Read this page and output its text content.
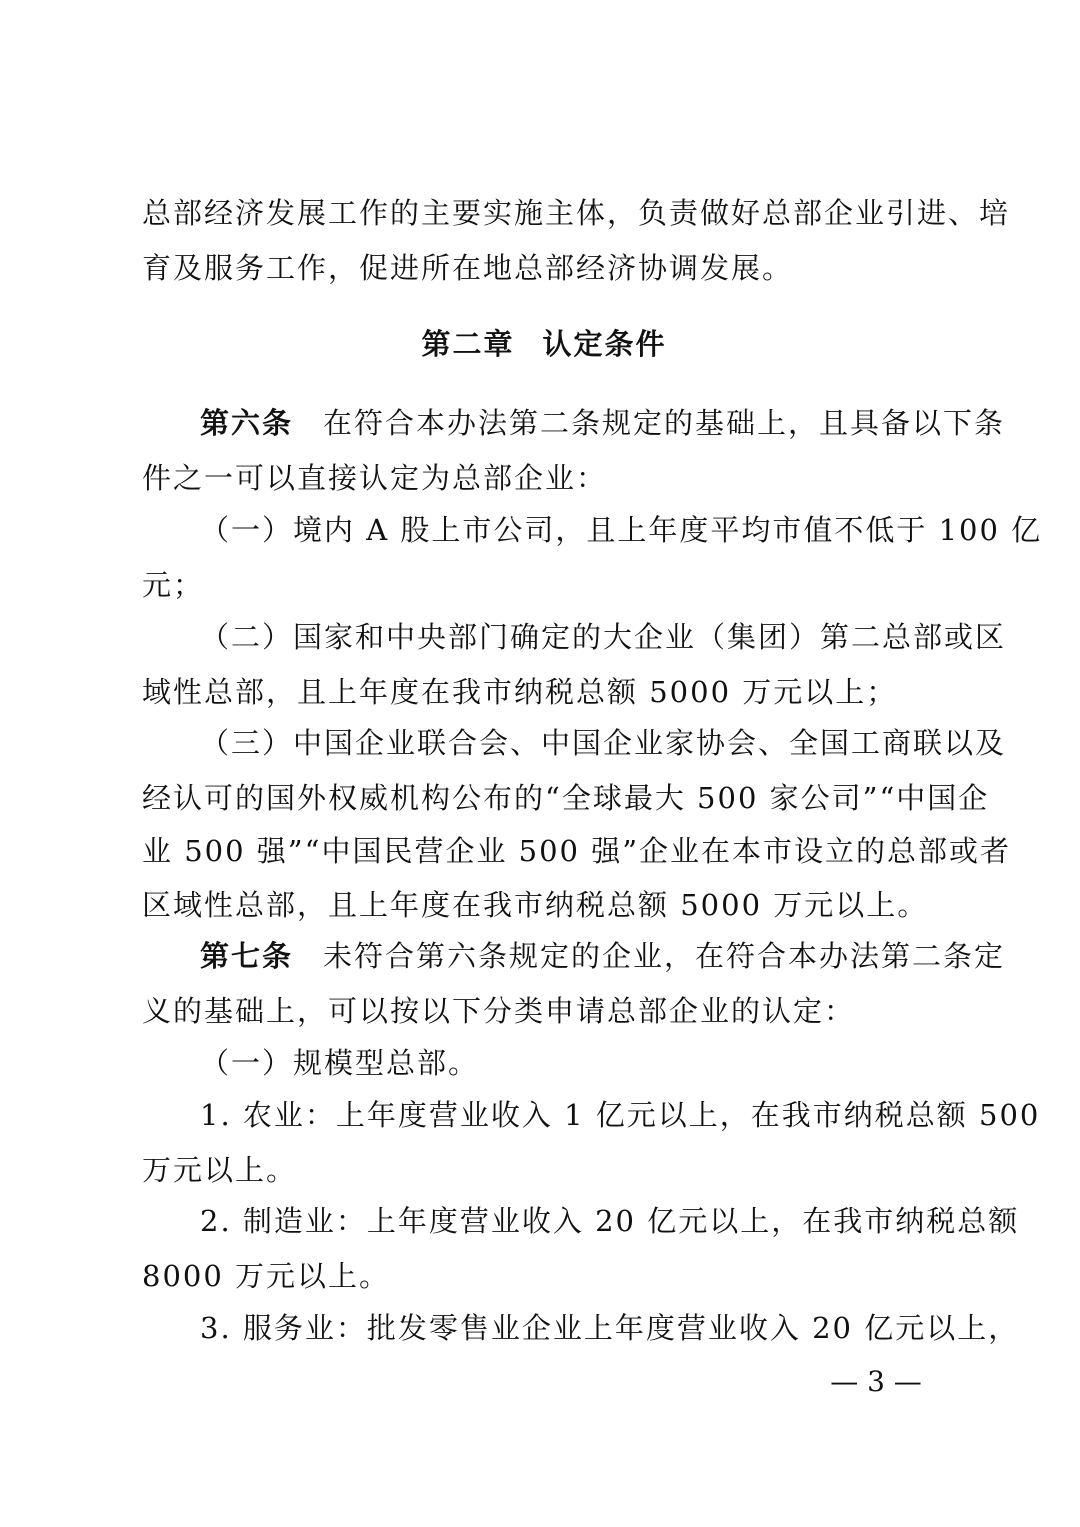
总部经济发展工作的主要实施主体，负责做好总部企业引进、培
育及服务工作，促进所在地总部经济协调发展。
第二章 认定条件
第六条 在符合本办法第二条规定的基础上，且具备以下条
件之一可以直接认定为总部企业：
（一）境内 A 股上市公司，且上年度平均市值不低于 100 亿
元；
（二）国家和中央部门确定的大企业（集团）第二总部或区
域性总部，且上年度在我市纳税总额 5000 万元以上；
（三）中国企业联合会、中国企业家协会、全国工商联以及
经认可的国外权威机构公布的“全球最大 500 家公司”“中国企
业 500 强”“中国民营企业 500 强”企业在本市设立的总部或者
区域性总部，且上年度在我市纳税总额 5000 万元以上。
第七条 未符合第六条规定的企业，在符合本办法第二条定
义的基础上，可以按以下分类申请总部企业的认定：
（一）规模型总部。
1. 农业：上年度营业收入 1 亿元以上，在我市纳税总额 500
万元以上。
2. 制造业：上年度营业收入 20 亿元以上，在我市纳税总额
8000 万元以上。
3. 服务业：批发零售业企业上年度营业收入 20 亿元以上，
— 3 —
